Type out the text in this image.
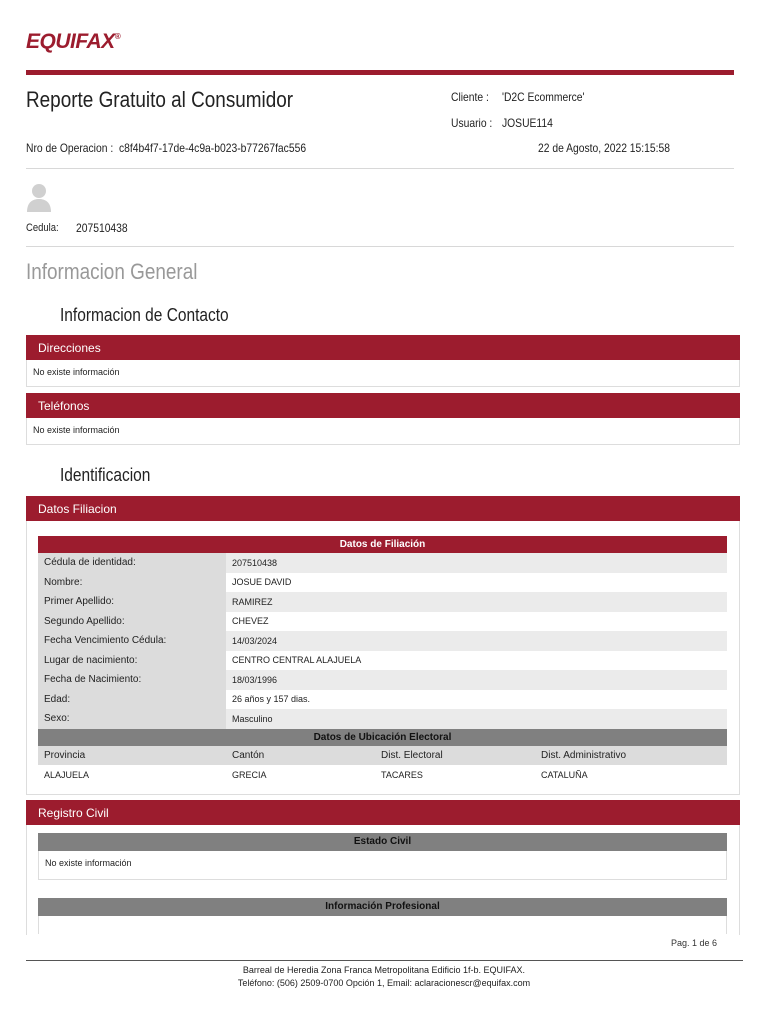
EQUIFAX®
Reporte Gratuito al Consumidor	Cliente : 'D2C Ecommerce'
Usuario : JOSUE114
Nro de Operacion : c8f4b4f7-17de-4c9a-b023-b77267fac556	22 de Agosto, 2022 15:15:58
Cedula: 207510438
Informacion General
Informacion de Contacto
Direcciones
No existe información
Teléfonos
No existe información
Identificacion
Datos Filiacion
Datos de Filiación			
Cédula de identidad:	207510438		
Nombre:	JOSUE DAVID		
Primer Apellido:	RAMIREZ		
Segundo Apellido:	CHEVEZ		
Fecha Vencimiento Cédula:	14/03/2024		
Lugar de nacimiento:	CENTRO CENTRAL ALAJUELA		
Fecha de Nacimiento:	18/03/1996		
Edad:	26 años y 157 dias.		
Sexo:	Masculino		
Datos de Ubicación Electoral			
Provincia	Cantón	Dist. Electoral	Dist. Administrativo
ALAJUELA	GRECIA	TACARES	CATALUÑA
Registro Civil
Estado Civil
No existe información
Información Profesional
Pag. 1 de 6
Barreal de Heredia Zona Franca Metropolitana Edificio 1f-b. EQUIFAX.
Teléfono: (506) 2509-0700 Opción 1, Email: aclaracionescr@equifax.com
